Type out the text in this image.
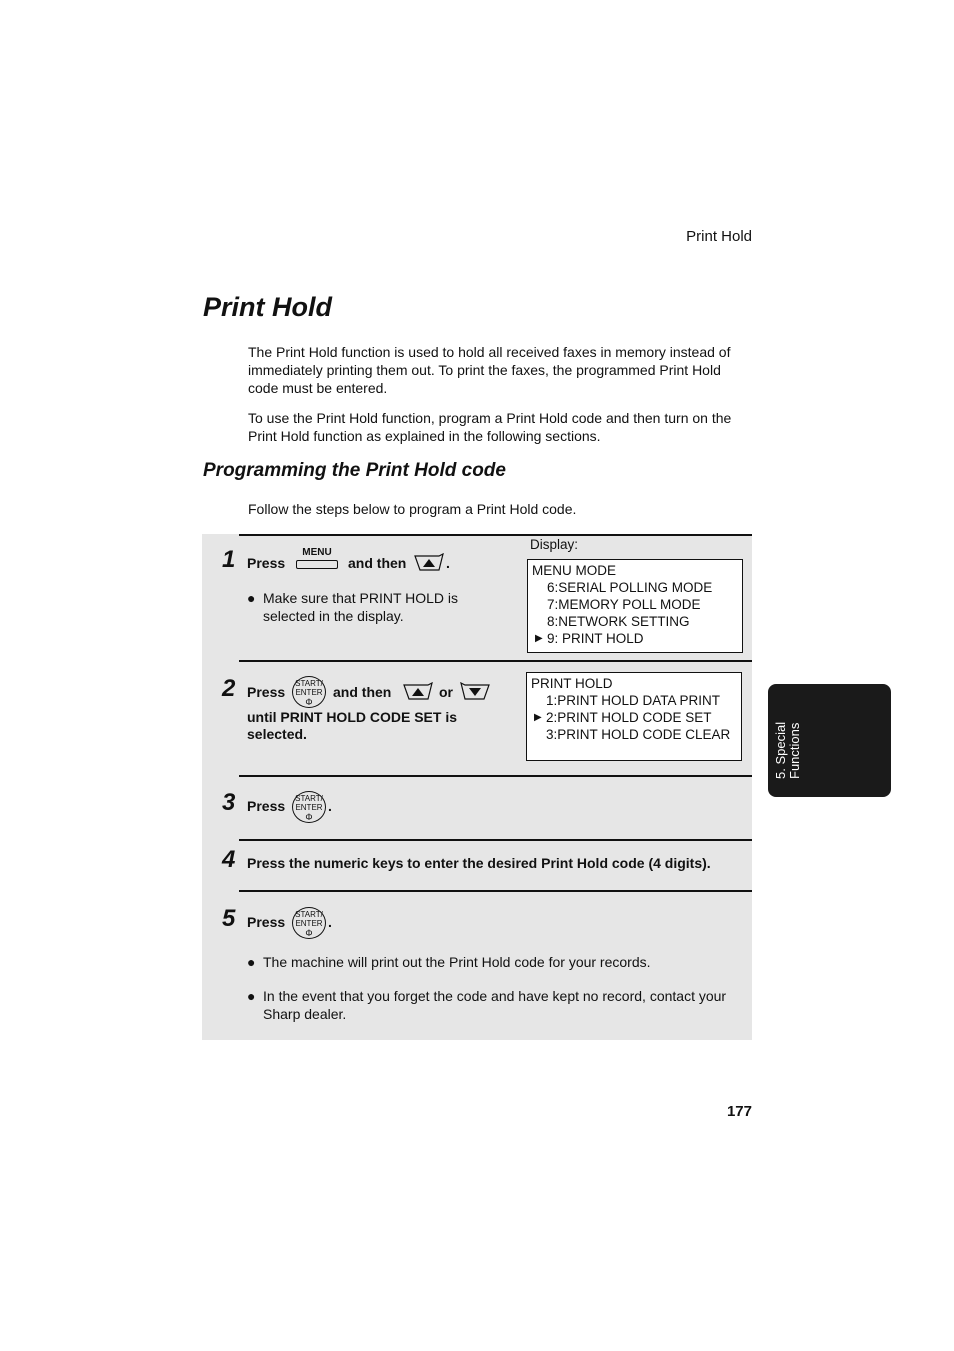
Print Hold
Print Hold

The Print Hold function is used to hold all received faxes in memory instead of immediately printing them out. To print the faxes, the programmed Print Hold code must be entered.

To use the Print Hold function, program a Print Hold code and then turn on the Print Hold function as explained in the following sections.

Programming the Print Hold code

Follow the steps below to program a Print Hold code.

1 Press
MENU
and then	.
● Make sure that PRINT HOLD is selected in the display.
Display:
MENU MODE
6:SERIAL POLLING MODE
7:MEMORY POLL MODE
8:NETWORK SETTING
▶ 9: PRINT HOLD
2 Press
START/
ENTER
Φ
and then	or
until PRINT HOLD CODE SET is
selected.
PRINT HOLD
1:PRINT HOLD DATA PRINT
▶ 2:PRINT HOLD CODE SET
3:PRINT HOLD CODE CLEAR
3 Press START/
ENTER
Φ
.
4 Press the numeric keys to enter the desired Print Hold code (4 digits).
5 Press START/
ENTER
Φ
.
● The machine will print out the Print Hold code for your records.
● In the event that you forget the code and have kept no record, contact your Sharp dealer.
5. Special Functions
177
